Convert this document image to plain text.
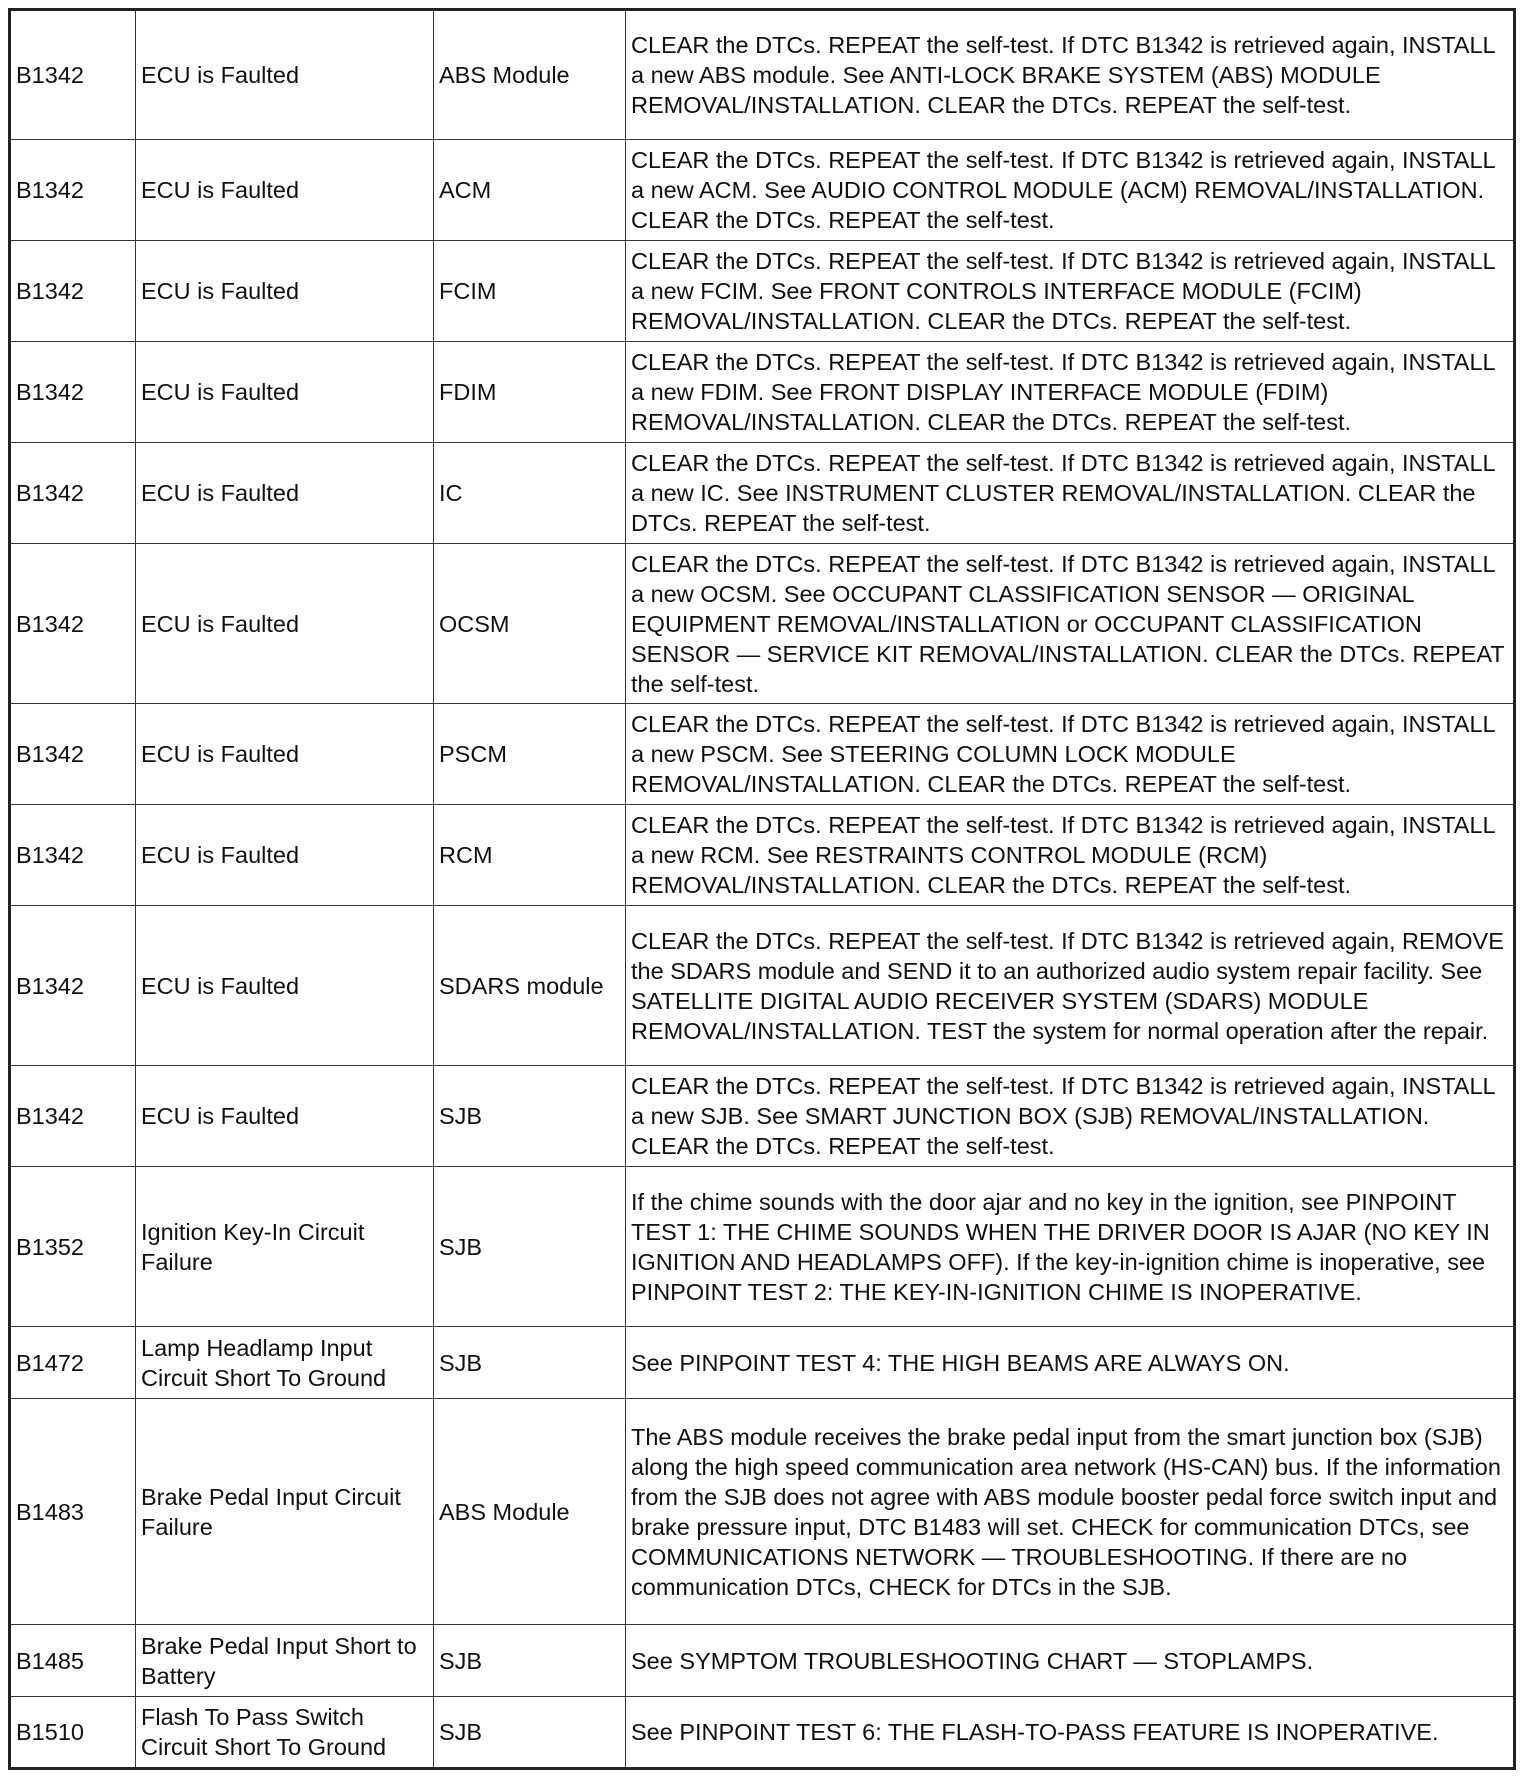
B1342	ECU is Faulted	ABS Module	CLEAR the DTCs. REPEAT the self-test. If DTC B1342 is retrieved again, INSTALL a new ABS module. See ANTI-LOCK BRAKE SYSTEM (ABS) MODULE REMOVAL/INSTALLATION. CLEAR the DTCs. REPEAT the self-test.
B1342	ECU is Faulted	ACM	CLEAR the DTCs. REPEAT the self-test. If DTC B1342 is retrieved again, INSTALL a new ACM. See AUDIO CONTROL MODULE (ACM) REMOVAL/INSTALLATION. CLEAR the DTCs. REPEAT the self-test.
B1342	ECU is Faulted	FCIM	CLEAR the DTCs. REPEAT the self-test. If DTC B1342 is retrieved again, INSTALL a new FCIM. See FRONT CONTROLS INTERFACE MODULE (FCIM) REMOVAL/INSTALLATION. CLEAR the DTCs. REPEAT the self-test.
B1342	ECU is Faulted	FDIM	CLEAR the DTCs. REPEAT the self-test. If DTC B1342 is retrieved again, INSTALL a new FDIM. See FRONT DISPLAY INTERFACE MODULE (FDIM) REMOVAL/INSTALLATION. CLEAR the DTCs. REPEAT the self-test.
B1342	ECU is Faulted	IC	CLEAR the DTCs. REPEAT the self-test. If DTC B1342 is retrieved again, INSTALL a new IC. See INSTRUMENT CLUSTER REMOVAL/INSTALLATION. CLEAR the DTCs. REPEAT the self-test.
B1342	ECU is Faulted	OCSM	CLEAR the DTCs. REPEAT the self-test. If DTC B1342 is retrieved again, INSTALL a new OCSM. See OCCUPANT CLASSIFICATION SENSOR — ORIGINAL EQUIPMENT REMOVAL/INSTALLATION or OCCUPANT CLASSIFICATION SENSOR — SERVICE KIT REMOVAL/INSTALLATION. CLEAR the DTCs. REPEAT the self-test.
B1342	ECU is Faulted	PSCM	CLEAR the DTCs. REPEAT the self-test. If DTC B1342 is retrieved again, INSTALL a new PSCM. See STEERING COLUMN LOCK MODULE REMOVAL/INSTALLATION. CLEAR the DTCs. REPEAT the self-test.
B1342	ECU is Faulted	RCM	CLEAR the DTCs. REPEAT the self-test. If DTC B1342 is retrieved again, INSTALL a new RCM. See RESTRAINTS CONTROL MODULE (RCM) REMOVAL/INSTALLATION. CLEAR the DTCs. REPEAT the self-test.
B1342	ECU is Faulted	SDARS module	CLEAR the DTCs. REPEAT the self-test. If DTC B1342 is retrieved again, REMOVE the SDARS module and SEND it to an authorized audio system repair facility. See SATELLITE DIGITAL AUDIO RECEIVER SYSTEM (SDARS) MODULE REMOVAL/INSTALLATION. TEST the system for normal operation after the repair.
B1342	ECU is Faulted	SJB	CLEAR the DTCs. REPEAT the self-test. If DTC B1342 is retrieved again, INSTALL a new SJB. See SMART JUNCTION BOX (SJB) REMOVAL/INSTALLATION. CLEAR the DTCs. REPEAT the self-test.
B1352	Ignition Key-In Circuit Failure	SJB	If the chime sounds with the door ajar and no key in the ignition, see PINPOINT TEST 1: THE CHIME SOUNDS WHEN THE DRIVER DOOR IS AJAR (NO KEY IN IGNITION AND HEADLAMPS OFF). If the key-in-ignition chime is inoperative, see PINPOINT TEST 2: THE KEY-IN-IGNITION CHIME IS INOPERATIVE.
B1472	Lamp Headlamp Input Circuit Short To Ground	SJB	See PINPOINT TEST 4: THE HIGH BEAMS ARE ALWAYS ON.
B1483	Brake Pedal Input Circuit Failure	ABS Module	The ABS module receives the brake pedal input from the smart junction box (SJB) along the high speed communication area network (HS-CAN) bus. If the information from the SJB does not agree with ABS module booster pedal force switch input and brake pressure input, DTC B1483 will set. CHECK for communication DTCs, see COMMUNICATIONS NETWORK — TROUBLESHOOTING. If there are no communication DTCs, CHECK for DTCs in the SJB.
B1485	Brake Pedal Input Short to Battery	SJB	See SYMPTOM TROUBLESHOOTING CHART — STOPLAMPS.
B1510	Flash To Pass Switch Circuit Short To Ground	SJB	See PINPOINT TEST 6: THE FLASH-TO-PASS FEATURE IS INOPERATIVE.
